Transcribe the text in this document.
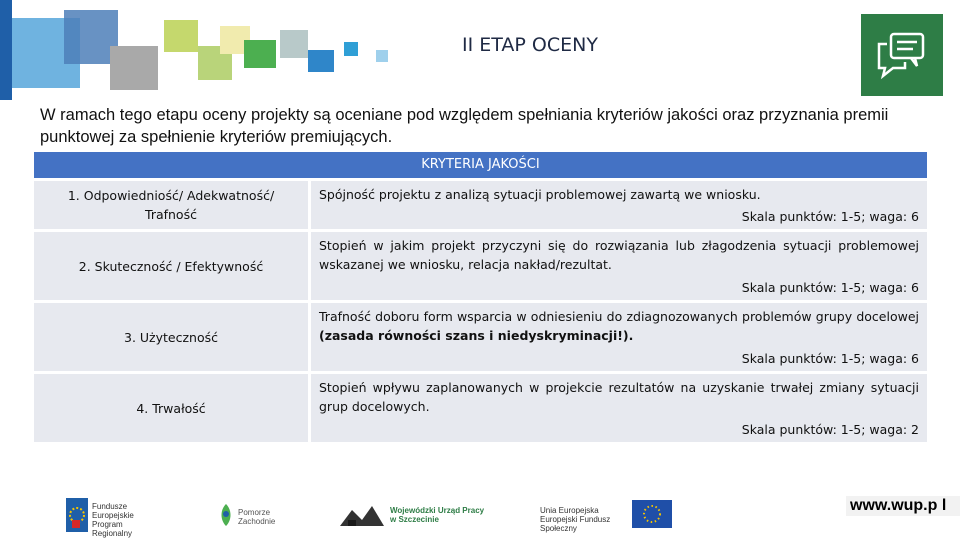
II ETAP OCENY
W ramach tego etapu oceny projekty są oceniane pod względem spełniania kryteriów jakości oraz przyznania premii punktowej za spełnienie kryteriów premiujących.
KRYTERIA JAKOŚCI
1. Odpowiedniość/ Adekwatność/ Trafność
Spójność projektu z analizą sytuacji problemowej zawartą we wniosku.
Skala punktów: 1-5; waga: 6
2. Skuteczność / Efektywność
Stopień w jakim projekt przyczyni się do rozwiązania lub złagodzenia sytuacji problemowej wskazanej we wniosku, relacja nakład/rezultat.
Skala punktów: 1-5; waga: 6
3. Użyteczność
Trafność doboru form wsparcia w odniesieniu do zdiagnozowanych problemów grupy docelowej (zasada równości szans i niedyskryminacji!).
Skala punktów: 1-5; waga: 6
4. Trwałość
Stopień wpływu zaplanowanych w projekcie rezultatów na uzyskanie trwałej zmiany sytuacji grup docelowych.
Skala punktów: 1-5; waga: 2
Fundusze Europejskie Program Regionalny
Pomorze Zachodnie
Wojewódzki Urząd Pracy w Szczecinie
Unia Europejska Europejski Fundusz Społeczny
www.wup.p l
